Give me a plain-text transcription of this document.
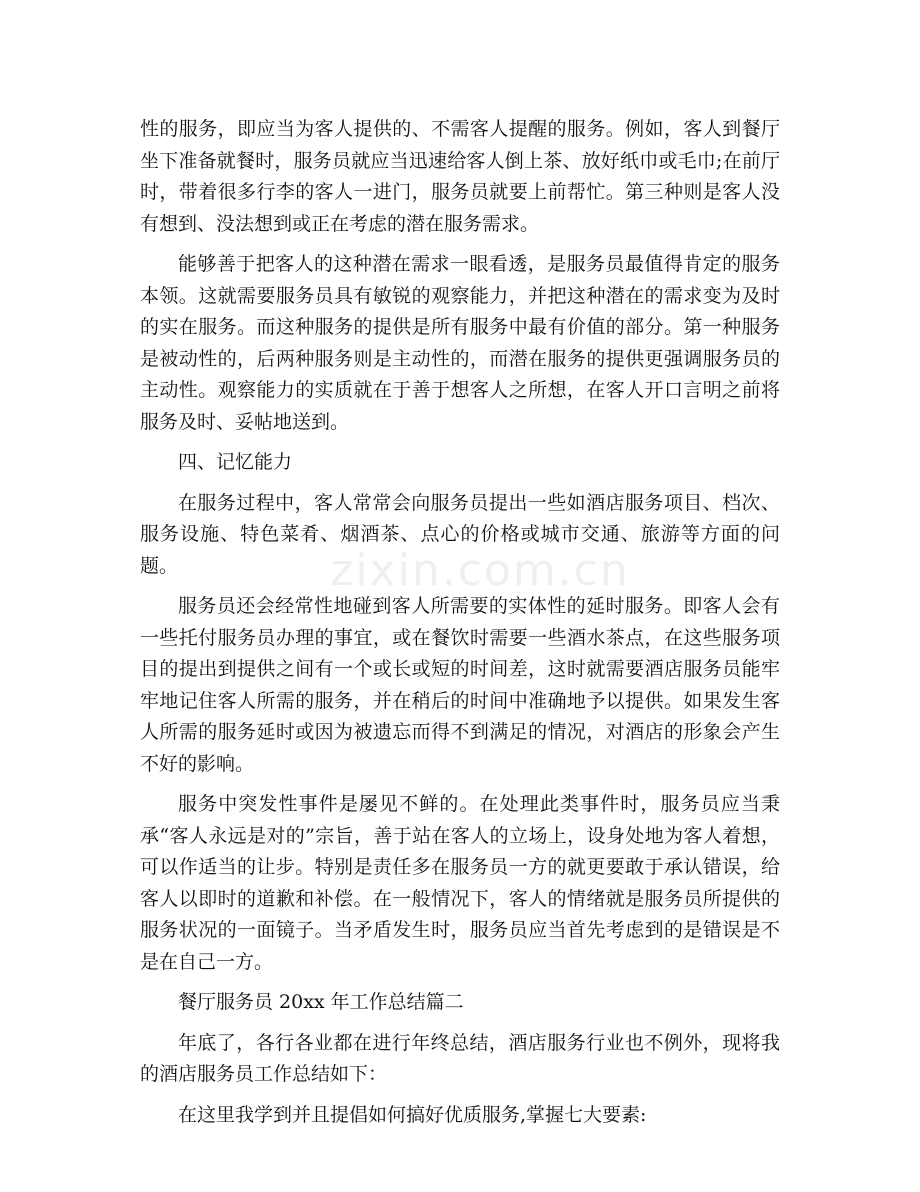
性的服务，即应当为客人提供的、不需客人提醒的服务。例如，客人到餐厅坐下准备就餐时，服务员就应当迅速给客人倒上茶、放好纸巾或毛巾;在前厅时，带着很多行李的客人一进门，服务员就要上前帮忙。第三种则是客人没有想到、没法想到或正在考虑的潜在服务需求。

能够善于把客人的这种潜在需求一眼看透，是服务员最值得肯定的服务本领。这就需要服务员具有敏锐的观察能力，并把这种潜在的需求变为及时的实在服务。而这种服务的提供是所有服务中最有价值的部分。第一种服务是被动性的，后两种服务则是主动性的，而潜在服务的提供更强调服务员的主动性。观察能力的实质就在于善于想客人之所想，在客人开口言明之前将服务及时、妥帖地送到。

四、记忆能力

在服务过程中，客人常常会向服务员提出一些如酒店服务项目、档次、服务设施、特色菜肴、烟酒茶、点心的价格或城市交通、旅游等方面的问题。

服务员还会经常性地碰到客人所需要的实体性的延时服务。即客人会有一些托付服务员办理的事宜，或在餐饮时需要一些酒水茶点，在这些服务项目的提出到提供之间有一个或长或短的时间差，这时就需要酒店服务员能牢牢地记住客人所需的服务，并在稍后的时间中准确地予以提供。如果发生客人所需的服务延时或因为被遗忘而得不到满足的情况，对酒店的形象会产生不好的影响。

服务中突发性事件是屡见不鲜的。在处理此类事件时，服务员应当秉承“客人永远是对的”宗旨，善于站在客人的立场上，设身处地为客人着想，可以作适当的让步。特别是责任多在服务员一方的就更要敢于承认错误，给客人以即时的道歉和补偿。在一般情况下，客人的情绪就是服务员所提供的服务状况的一面镜子。当矛盾发生时，服务员应当首先考虑到的是错误是不是在自己一方。

餐厅服务员 20xx 年工作总结篇二

年底了，各行各业都在进行年终总结，酒店服务行业也不例外，现将我的酒店服务员工作总结如下：

在这里我学到并且提倡如何搞好优质服务,掌握七大要素:

zixin.com.cn
